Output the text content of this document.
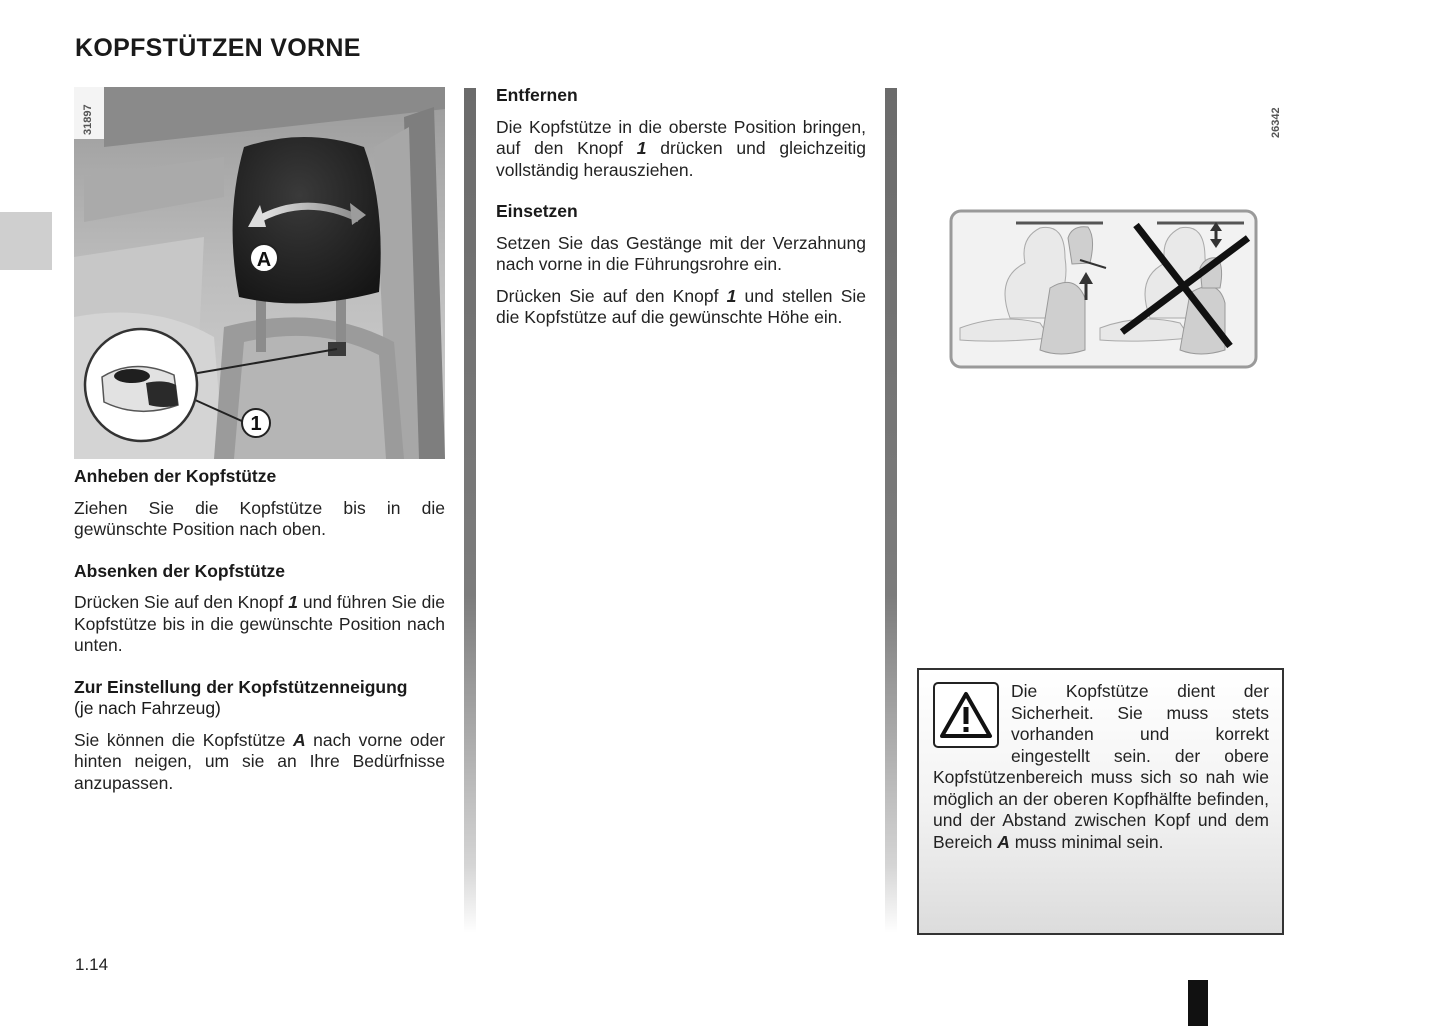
KOPFSTÜTZEN VORNE
A
1
31897
Anheben der Kopfstütze

Ziehen Sie die Kopfstütze bis in die gewünschte Position nach oben.

Absenken der Kopfstütze

Drücken Sie auf den Knopf 1 und führen Sie die Kopfstütze bis in die gewünschte Position nach unten.

Zur Einstellung der Kopfstützenneigung
(je nach Fahrzeug)

Sie können die Kopfstütze A nach vorne oder hinten neigen, um sie an Ihre Bedürfnisse anzupassen.

Entfernen

Die Kopfstütze in die oberste Position bringen, auf den Knopf 1 drücken und gleichzeitig vollständig herausziehen.

Einsetzen

Setzen Sie das Gestänge mit der Verzahnung nach vorne in die Führungsrohre ein.

Drücken Sie auf den Knopf 1 und stellen Sie die Kopfstütze auf die gewünschte Höhe ein.

26342
Die Kopfstütze dient der Sicherheit. Sie muss stets vorhanden und korrekt eingestellt sein. der obere Kopfstützenbereich muss sich so nah wie möglich an der oberen Kopfhälfte befinden, und der Abstand zwischen Kopf und dem Bereich A muss minimal sein.
1.14
